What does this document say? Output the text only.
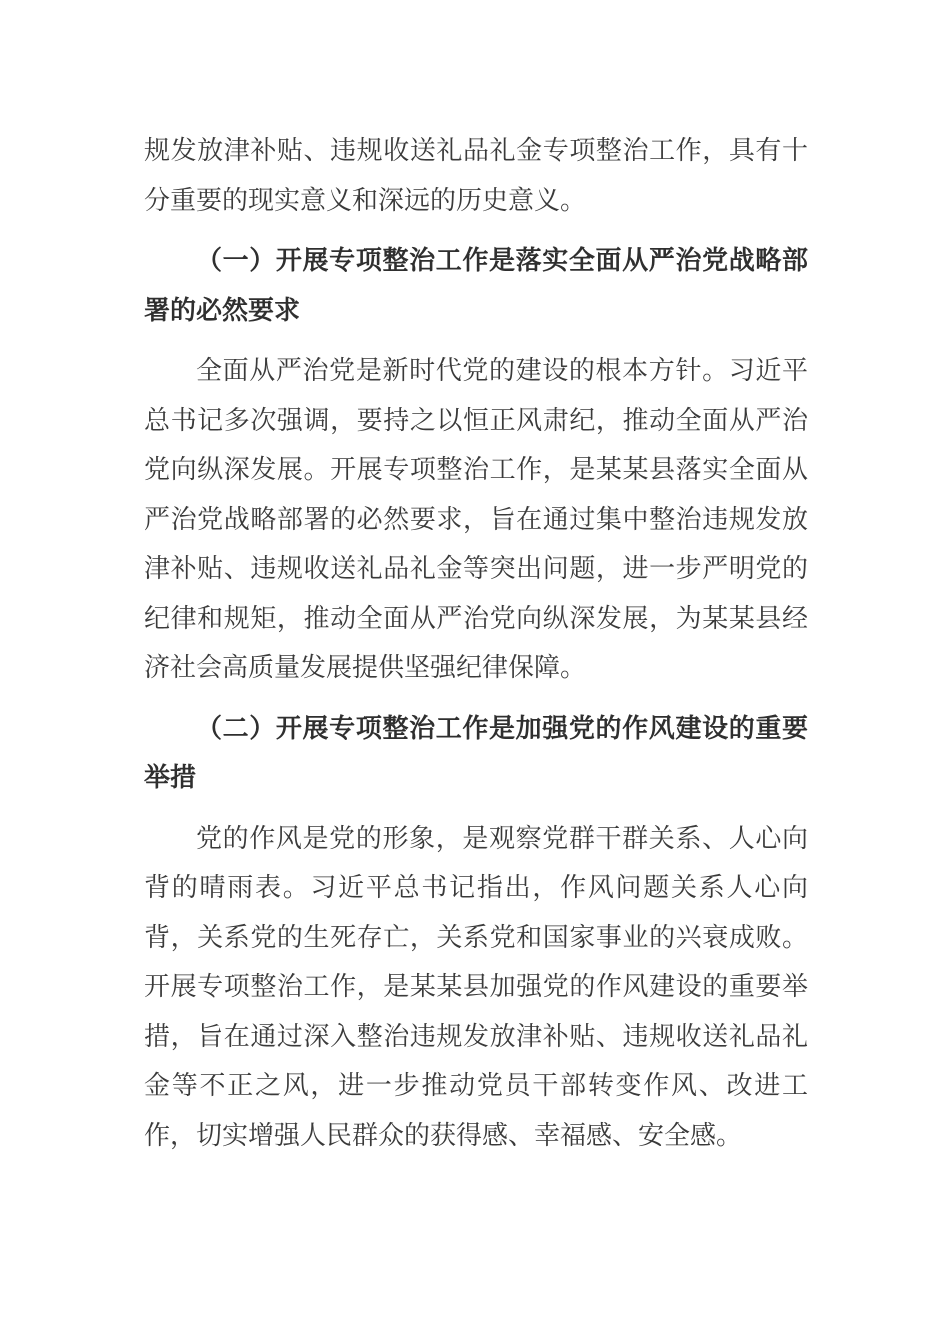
规发放津补贴、违规收送礼品礼金专项整治工作，具有十分重要的现实意义和深远的历史意义。

（一）开展专项整治工作是落实全面从严治党战略部署的必然要求

全面从严治党是新时代党的建设的根本方针。习近平总书记多次强调，要持之以恒正风肃纪，推动全面从严治党向纵深发展。开展专项整治工作，是某某县落实全面从严治党战略部署的必然要求，旨在通过集中整治违规发放津补贴、违规收送礼品礼金等突出问题，进一步严明党的纪律和规矩，推动全面从严治党向纵深发展，为某某县经济社会高质量发展提供坚强纪律保障。

（二）开展专项整治工作是加强党的作风建设的重要举措

党的作风是党的形象，是观察党群干群关系、人心向背的晴雨表。习近平总书记指出，作风问题关系人心向背，关系党的生死存亡，关系党和国家事业的兴衰成败。开展专项整治工作，是某某县加强党的作风建设的重要举措，旨在通过深入整治违规发放津补贴、违规收送礼品礼金等不正之风，进一步推动党员干部转变作风、改进工作，切实增强人民群众的获得感、幸福感、安全感。
